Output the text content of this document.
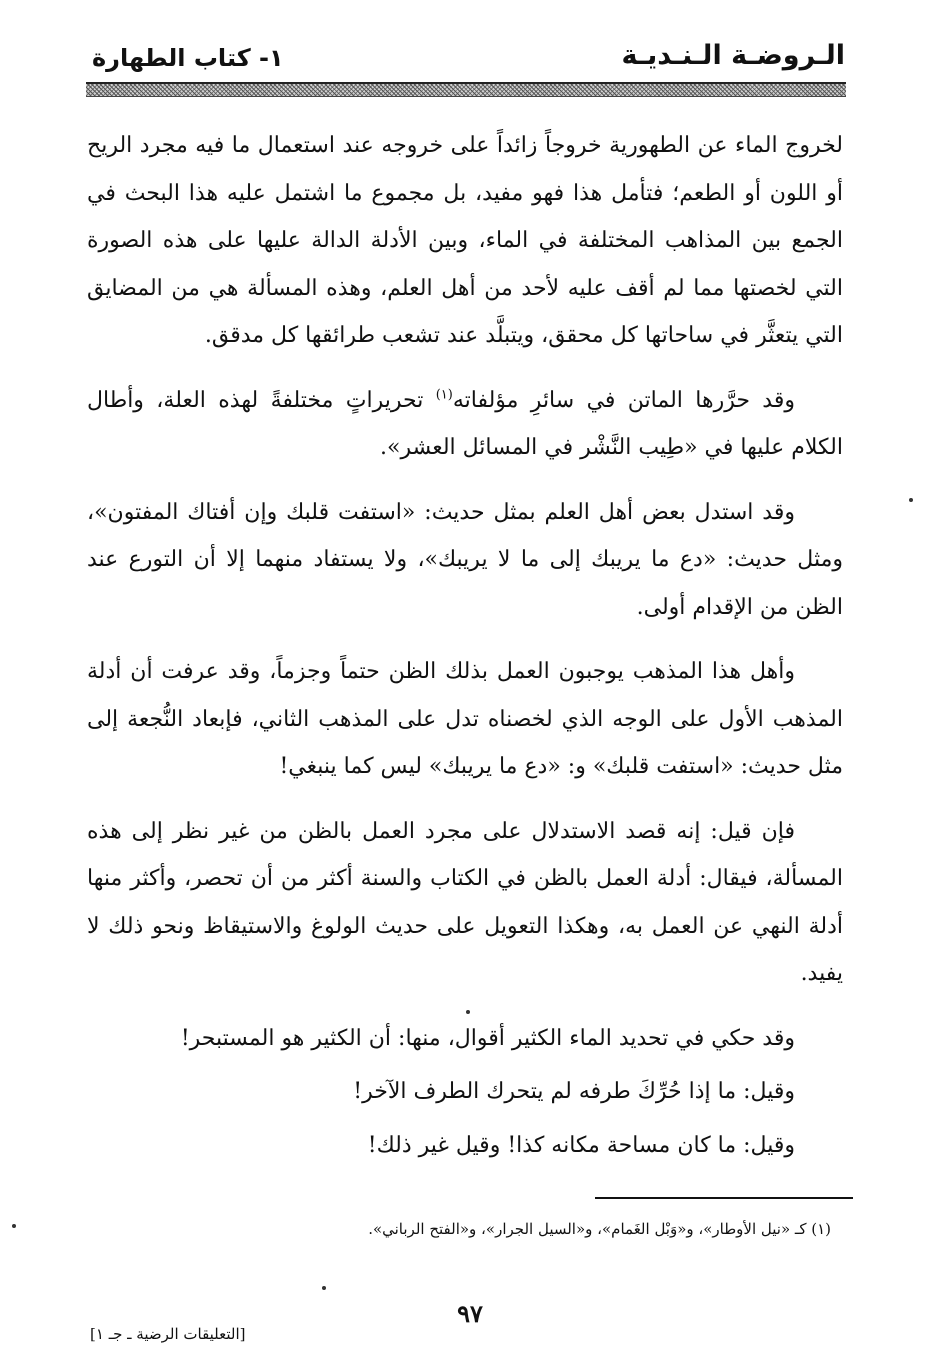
الـروضـة الـنـديـة
١- كتاب الطهارة

لخروج الماء عن الطهورية خروجاً زائداً على خروجه عند استعمال ما فيه مجرد الريح أو اللون أو الطعم؛ فتأمل هذا فهو مفيد، بل مجموع ما اشتمل عليه هذا البحث في الجمع بين المذاهب المختلفة في الماء، وبين الأدلة الدالة عليها على هذه الصورة التي لخصتها مما لم أقف عليه لأحد من أهل العلم، وهذه المسألة هي من المضايق التي يتعثَّر في ساحاتها كل محقق، ويتبلَّد عند تشعب طرائقها كل مدقق.

وقد حرَّرها الماتن في سائرِ مؤلفاته$^{(١)}$ تحريراتٍ مختلفةً لهذه العلة، وأطال الكلام عليها في «طِيب النَّشْر في المسائل العشر».

وقد استدل بعض أهل العلم بمثل حديث: «استفت قلبك وإن أفتاك المفتون»، ومثل حديث: «دع ما يريبك إلى ما لا يريبك»، ولا يستفاد منهما إلا أن التورع عند الظن من الإقدام أولى.

وأهل هذا المذهب يوجبون العمل بذلك الظن حتماً وجزماً، وقد عرفت أن أدلة المذهب الأول على الوجه الذي لخصناه تدل على المذهب الثاني، فإبعاد النُّجعة إلى مثل حديث: «استفت قلبك» و: «دع ما يريبك» ليس كما ينبغي!

فإن قيل: إنه قصد الاستدلال على مجرد العمل بالظن من غير نظر إلى هذه المسألة، فيقال: أدلة العمل بالظن في الكتاب والسنة أكثر من أن تحصر، وأكثر منها أدلة النهي عن العمل به، وهكذا التعويل على حديث الولوغ والاستيقاظ ونحو ذلك لا يفيد.

وقد حكي في تحديد الماء الكثير أقوال، منها: أن الكثير هو المستبحر!

وقيل: ما إذا حُرِّكَ طرفه لم يتحرك الطرف الآخر!

وقيل: ما كان مساحة مكانه كذا! وقيل غير ذلك!

(١) كـ «نيل الأوطار»، و«وَبْل الغَمام»، و«السيل الجرار»، و«الفتح الرباني».
٩٧
[التعليقات الرضية ـ جـ ١]
